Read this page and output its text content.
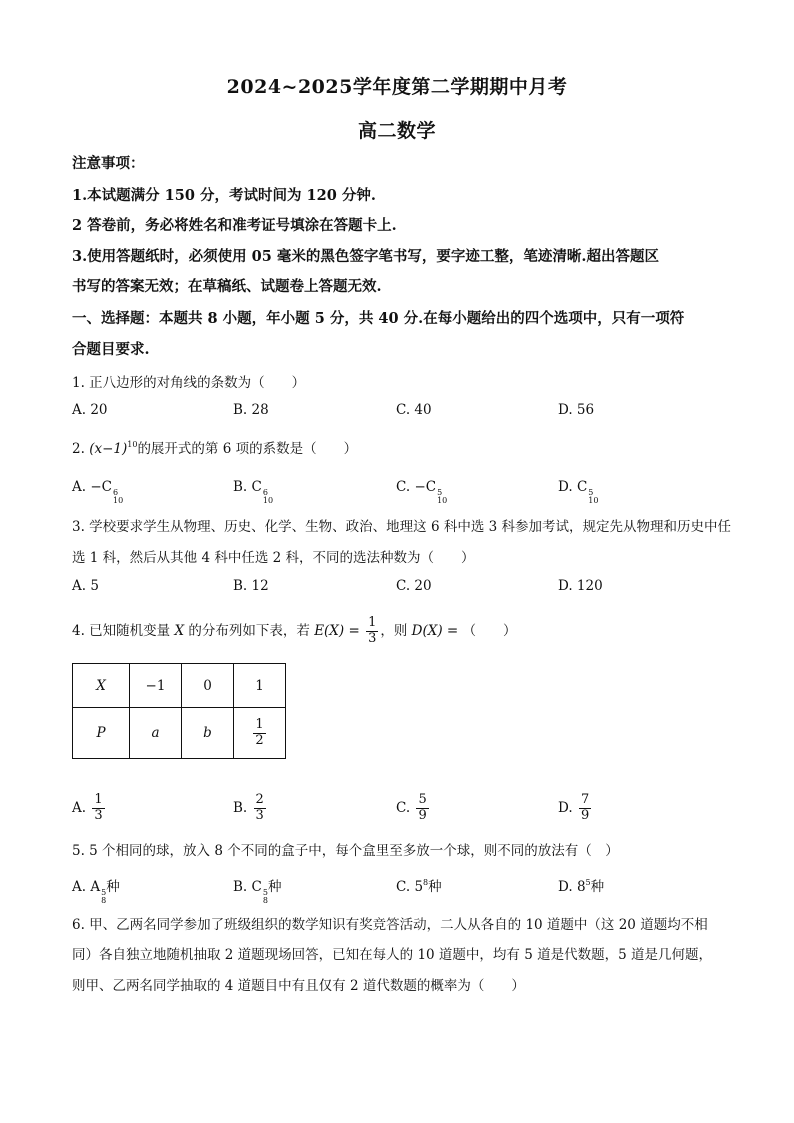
2024~2025学年度第二学期期中月考
高二数学
注意事项：
1.本试题满分 150 分，考试时间为 120 分钟.
2 答卷前，务必将姓名和准考证号填涂在答题卡上.
3.使用答题纸时，必须使用 05 毫米的黑色签字笔书写，要字迹工整，笔迹清晰.超出答题区
书写的答案无效；在草稿纸、试题卷上答题无效.
一、选择题：本题共 8 小题，年小题 5 分，共 40 分.在每小题给出的四个选项中，只有一项符
合题目要求.
1. 正八边形的对角线的条数为（　　）
A. 20	B. 28	C. 40	D. 56
2. $(x-1)^{10}$的展开式的第 6 项的系数是（　　）
A. −C 6
10
B. C 6
10
C. −C 5
10
D. C 5
10
3. 学校要求学生从物理、历史、化学、生物、政治、地理这 6 科中选 3 科参加考试，规定先从物理和历史中任
选 1 科，然后从其他 4 科中任选 2 科，不同的选法种数为（　　）
A. 5	B. 12	C. 20	D. 120
4. 已知随机变量 X 的分布列如下表，若 $E(X) = \frac{1}{3}$ ，则 D(X) = （　　）
X	−1	0	1
P	a	b	$\frac{1}{2}$
A. $\frac{1}{3}$	B. $\frac{2}{3}$	C. $\frac{5}{9}$	D. $\frac{7}{9}$
5. 5 个相同的球，放入 8 个不同的盒子中，每个盒里至多放一个球，则不同的放法有（　）
A. A 5
8
种	B. C 5
8
种	C. $5^8$种	D. $8^5$种
6. 甲、乙两名同学参加了班级组织的数学知识有奖竞答活动，二人从各自的 10 道题中（这 20 道题均不相
同）各自独立地随机抽取 2 道题现场回答，已知在每人的 10 道题中，均有 5 道是代数题，5 道是几何题，
则甲、乙两名同学抽取的 4 道题目中有且仅有 2 道代数题的概率为（　　）
